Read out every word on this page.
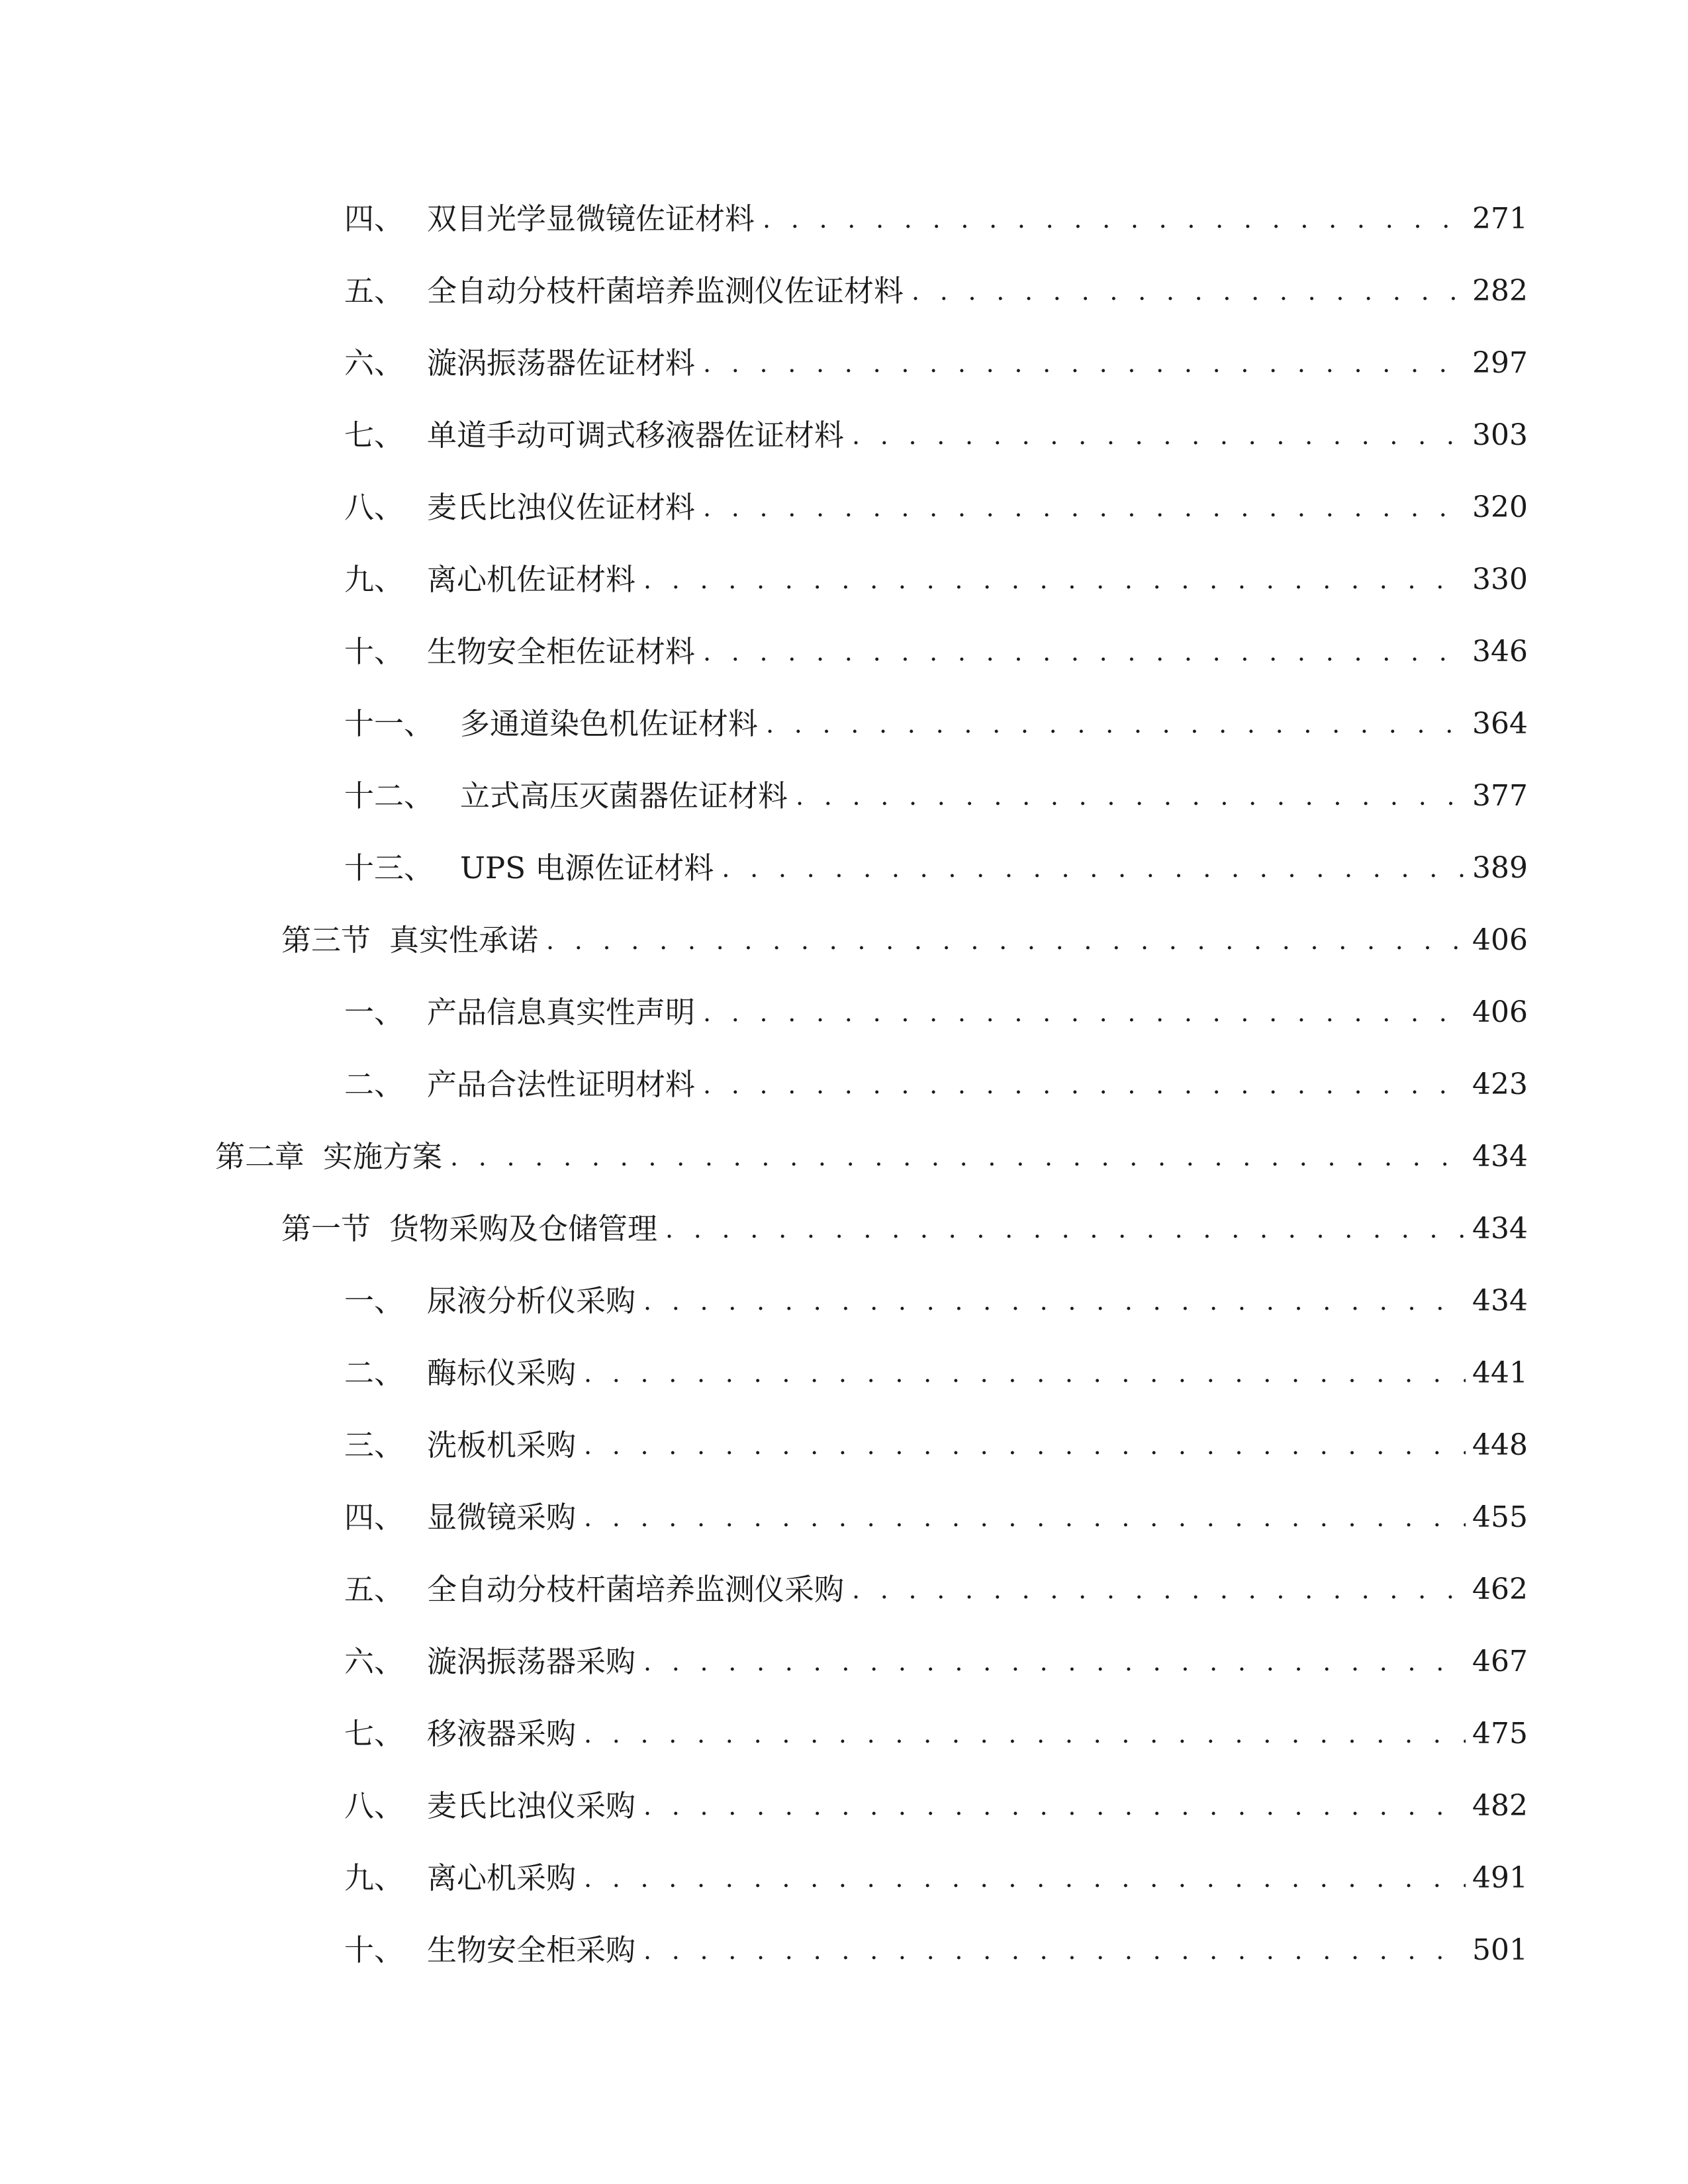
四、 双目光学显微镜佐证材料 . . .	271
五、 全自动分枝杆菌培养监测仪佐证材料 . . .	282
六、 漩涡振荡器佐证材料 . . .	297
七、 单道手动可调式移液器佐证材料 . . .	303
八、 麦氏比浊仪佐证材料 . . .	320
九、 离心机佐证材料 . . .	330
十、 生物安全柜佐证材料 . . .	346
十一、 多通道染色机佐证材料 . . .	364
十二、 立式高压灭菌器佐证材料 . . .	377
十三、 UPS 电源佐证材料 . . .	389
第三节 真实性承诺 . . .	406
一、 产品信息真实性声明 . . .	406
二、 产品合法性证明材料 . . .	423
第二章 实施方案 . . .	434
第一节 货物采购及仓储管理 . . .	434
一、 尿液分析仪采购 . . .	434
二、 酶标仪采购 . . .	441
三、 洗板机采购 . . .	448
四、 显微镜采购 . . .	455
五、 全自动分枝杆菌培养监测仪采购 . . .	462
六、 漩涡振荡器采购 . . .	467
七、 移液器采购 . . .	475
八、 麦氏比浊仪采购 . . .	482
九、 离心机采购 . . .	491
十、 生物安全柜采购 . . .	501
